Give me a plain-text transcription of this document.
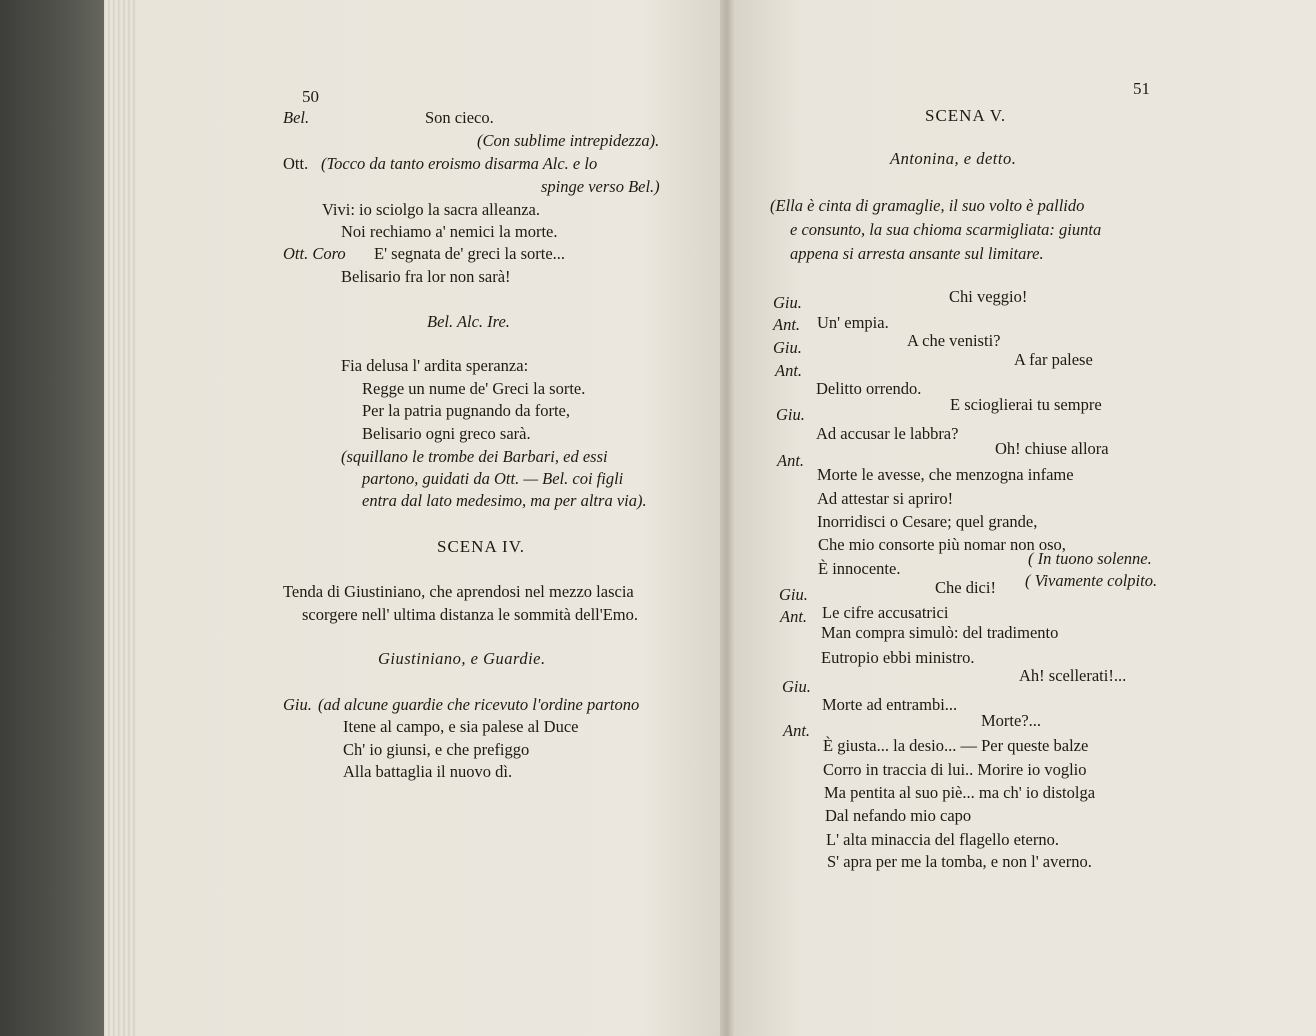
50
Bel.	Son cieco.
(Con sublime intrepidezza).
Ott. (Tocco da tanto eroismo disarma Alc. e lo
spinge verso Bel.)
Vivi: io sciolgo la sacra alleanza.
Noi rechiamo a' nemici la morte.
Ott. Coro E' segnata de' greci la sorte...
Belisario fra lor non sarà!
Bel. Alc. Ire.
Fia delusa l' ardita speranza:
Regge un nume de' Greci la sorte.
Per la patria pugnando da forte,
Belisario ogni greco sarà.
(squillano le trombe dei Barbari, ed essi
partono, guidati da Ott. — Bel. coi figli
entra dal lato medesimo, ma per altra via).
SCENA IV.
Tenda di Giustiniano, che aprendosi nel mezzo lascia
scorgere nell' ultima distanza le sommità dell'Emo.
Giustiniano, e Guardie.
Giu. (ad alcune guardie che ricevuto l'ordine partono
Itene al campo, e sia palese al Duce
Ch' io giunsi, e che prefiggo
Alla battaglia il nuovo dì.
51
SCENA V.
Antonina, e detto.
(Ella è cinta di gramaglie, il suo volto è pallido
e consunto, la sua chioma scarmigliata: giunta
appena si arresta ansante sul limitare.
Giu.	Chi veggio!
Ant. Un' empia.
Giu.	A che venisti?
Ant.
A far palese
Delitto orrendo.
Giu.
E scioglierai tu sempre
Ad accusar le labbra?
Ant.
Oh! chiuse allora
Morte le avesse, che menzogna infame
Ad attestar si apriro!
Inorridisci o Cesare; quel grande,
Che mio consorte più nomar non oso,
È innocente.
( In tuono solenne.
Giu.	Che dici! ( Vivamente colpito.
Ant. Le cifre accusatrici
Man compra simulò: del tradimento
Eutropio ebbi ministro.
Giu.
Ah! scellerati!...
Morte ad entrambi...
Ant.
Morte?...
È giusta... la desio... — Per queste balze
Corro in traccia di lui.. Morire io voglio
Ma pentita al suo piè... ma ch' io distolga
Dal nefando mio capo
L' alta minaccia del flagello eterno.
S' apra per me la tomba, e non l' averno.
